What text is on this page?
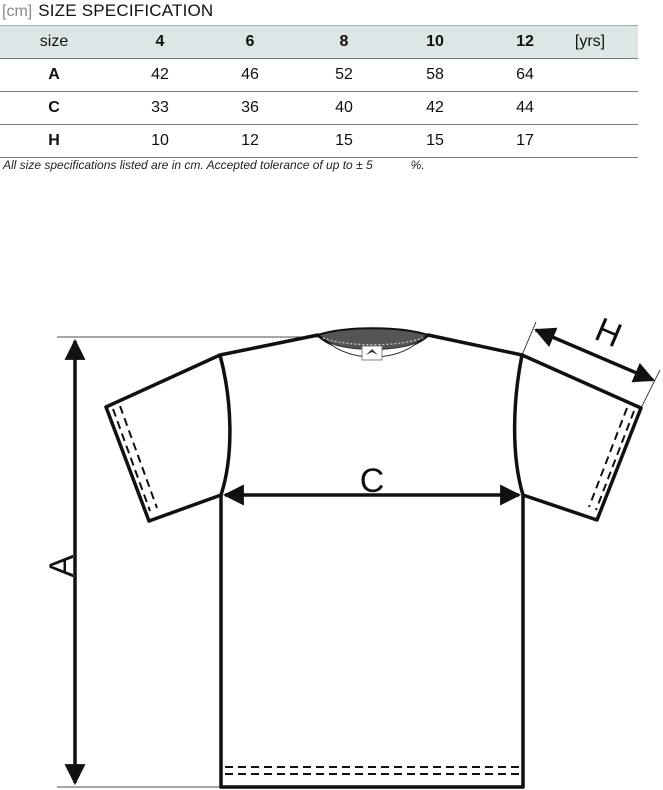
[cm] SIZE SPECIFICATION
size	4	6	8	10	12	[yrs]
A	42	46	52	58	64
C	33	36	40	42	44
H	10	12	15	15	17
All size specifications listed are in cm. Accepted tolerance of up to ± 5	%.
A
C
H
